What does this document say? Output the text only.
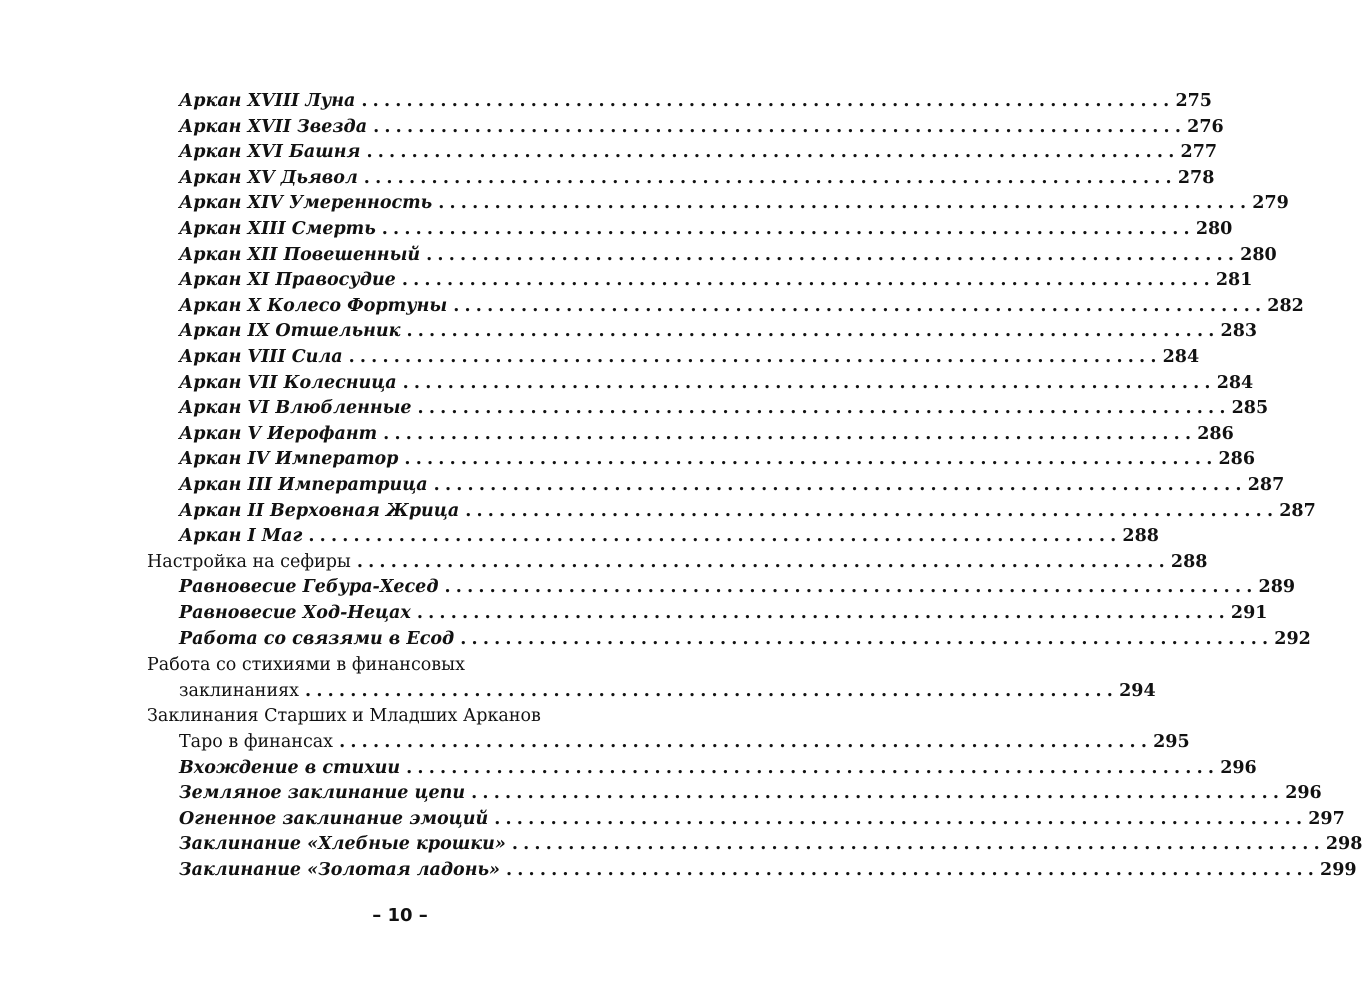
Аркан XVIII Луна ........................................................................ 275
Аркан XVII Звезда ........................................................................ 276
Аркан XVI Башня ........................................................................ 277
Аркан XV Дьявол ........................................................................ 278
Аркан XIV Умеренность ........................................................................ 279
Аркан XIII Смерть ........................................................................ 280
Аркан XII Повешенный ........................................................................ 280
Аркан XI Правосудие ........................................................................ 281
Аркан X Колесо Фортуны ........................................................................ 282
Аркан IX Отшельник ........................................................................ 283
Аркан VIII Сила ........................................................................ 284
Аркан VII Колесница ........................................................................ 284
Аркан VI Влюбленные ........................................................................ 285
Аркан V Иерофант ........................................................................ 286
Аркан IV Император ........................................................................ 286
Аркан III Императрица ........................................................................ 287
Аркан II Верховная Жрица ........................................................................ 287
Аркан I Маг ........................................................................ 288
Настройка на сефиры ........................................................................ 288
Равновесие Гебура-Хесед ........................................................................ 289
Равновесие Ход-Нецах ........................................................................ 291
Работа со связями в Есод ........................................................................ 292
Работа со стихиями в финансовых
заклинаниях ........................................................................ 294
Заклинания Старших и Младших Арканов
Таро в финансах ........................................................................ 295
Вхождение в стихии ........................................................................ 296
Земляное заклинание цепи ........................................................................ 296
Огненное заклинание эмоций ........................................................................ 297
Заклинание «Хлебные крошки» ........................................................................ 298
Заклинание «Золотая ладонь» ........................................................................ 299
– 10 –
